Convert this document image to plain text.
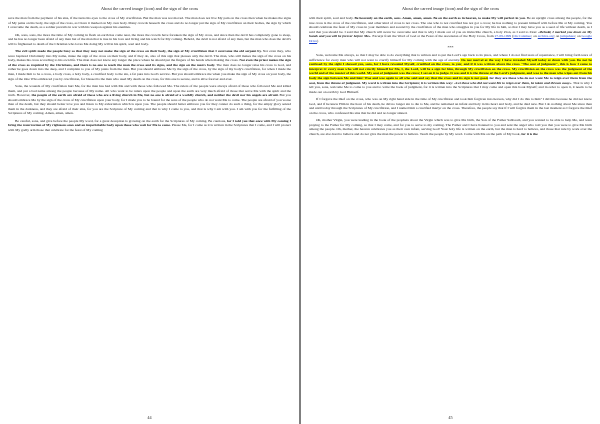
About the carved image (icon) and the sign of the cross

save the man from the payment of his sins, if the turns his eyes to the cross of My crucifixion. But the man was not moved. The man does not live My pain on the cross then when he makes the signs of My pains on his body, the sign of the cross, as I have it marked on My own body. Many crowds beseech the cross and do no longer put the sign of My crucifixion on their bodies, the sign by which I overcame the death, as a soldier prevails in war with his weapon against his enemies.

Oh, sons, sons, the more the time of My coming in flesh on earth has come near, the more the crowds have forsaken the sign of My cross, and since then the devil has completely gone to sleep, and he has no longer been afraid of any man but of the man that is true in his love and living and his watch for My coming. Behold, the devil is not afraid of any man, but the man who does the devil's will is frightened to death of the Christian who loves Me doing My will in his spirit, soul and body.

The evil spirit made the people busy so that they may not make the sign of the cross on their body, the sign of My crucifixion that I overcame the old serpent by. Not even they, who were baptized Christianly into My name, make the sign of the cross on their body, and if they do, also of this sign that pleases only the devil. The man, who still makes the sign of the cross on his body, makes his cross according to his own life. The man does not know any longer the place where he should put the fingers of his hands when making the cross. Not even the priest makes the sign of the cross as required by the Christians, and there is no one to teach the man the cross and its signs, and the sign on the man's body. The man does no longer raise his cross to God, and rather he goes down into the deep, and I complain to you of My pains from the man. But you should embrace Me by the sign of the cross, by the sign of my body's crucifixion, for when I made the man, I made him to be a cross, a body cross, a holy body, a crucified body to the sin, a fat pure into God's service. But you should embrace me when you make the sign of My cross on your body, the sign of the One Who embraced you by crucifixion, for blessed is the man who used My death on the cross, for this one is secure, and is alive forever and ever.

Sons, the wounds of My crucifixion hurt Me, for the man has had with Me and with those who followed Me. The rulers of the people were always afraid of those who followed Me and killed them, and put a bad name among the people because of My name. All who want to be rulers upon the people and upon the earth are very much afraid of those that serve Me with the spirit and the truth. However, the people of the earth are afraid of those who are a living church in Me, but no one is afraid of a worldly church, and neither the devil nor his angels are afraid. But you should embrace Me by the sign of the cross of My crucifixion upon your body, for I made you to be bound for the sons of the people who do not want Me to come. The people are afraid of you worse than of the death, but they should better love you and listen to My exhortation which is upon you. The people should better embrace you for they cannot do such a thing, for the empty glory seized them in the darkness, and they are afraid of their sins, for you are the Scripture of My coming and that is why I come to you, and that is why I am with you. I am with you for the fulfilling of the Scriptures of My coming. Amen, amen, amen.

Be careful, sons, and give before the people My word, for a great deception is growing on the earth for the Scriptures of My coming. Be cautious, for I told you that once with My coming I bring the resurrection of My righteous ones and an imperishable body upon those who wait for Me to come. Please Me, for I come as it is written in the Scriptures that I come, and I will protect with My godly arm those that celebrate for the feast of My coming

44
About the carved image (icon) and the sign of the cross

with their spirit, soul and body. Be heavenly on the earth, sons. Amen, amen, amen. Be on the earth as in heaven, to make My will perfect in you. Be an upright cross among the people, for the true cross is the cross of the crucifixion, and other kind of cross is not cross. The one who is not crucified has not got a cross; he has nothing to present himself with before Me at My coming. You should celebrate the feast of My cross in your members and ascend by the crucifixion of the man who struggles in you for My life in him, so that I may have you as a seed of life without death, as I said that you should be. I said that My church will never be overcome and that is why I made out of you an invincible church, a holy Zion, as I said to Zion: «Behold, I marked you down on My hands and you will be forever before Me». Excerpt from the Word of God at the Feast of the Ascension of the Holy Cross, from 27-09-1999 (On Calameo; on archive.org; on jumpshare; on Google Drive)

***

Sons, welcome Me always, so that I may be able to do everything that is written and to put the Lord's age back to its place, and where I do not find tears of repentance, I will bring forth tears of sufficience for every man who will not want to crucify himself for My coming with the age of eternity. Do not marvel at the way I have revealed Myself today at dawn with you. Do not be confused by the sight I showed you, sons, for I have revealed Myself, crucified on the cross, to you; and if it was written above the cross "The seat of judgment", this is how I come to interpret it: every man who will not crucify himself for Me, I, the Lord, will be a sign for him, through My crucifixion on the cross. My crucifixion on the cross was the judgment of the world and of the master of this world. My seat of judgment was the cross; I sat on it to judge. It was and it is the throne of the Lord's judgment, and woe to the man who wipes out from his body the sign between Me and him! Woe and woe again to all who said and say that the cross and its sign is not good, for they are those who do not want Me to reign over them from the seat, from the throne of judgment. My word is written into the Scripture; it is written this way: «Let those who did not want Me to reign over them, be taken and thrown away». That is why I tell you, sons, welcome Me to come to you and to write the book of judgment, for it is written into the Scriptures that I may come and open this book Myself; and in order to open it, it needs to be made out on earth by God Himself.

If I forgave the thief on the cross, who was on My right hand side in the time of My crucifixion and took him forgiven into heaven, why did I do this to him? I did this because he did not know God, and if he knew Him in the hour of his death, he did no longer sin to die to Me, and he remained an infant and holy in his heart and body, and he died new. But I do nothing about Me since then and until today through the Scriptures of My crucifixion, and I named him a crucified martyr on the cross. Therefore, the people say that if I will forgive them in the last moment as I forgave the thief on the cross, who confessed his sins that he did and no longer sinned.

Oh, mother Virgin, you were leading in the book of the prophets about the Virgin which was to give Me birth, the Son of the Father Sabbaoth, and you wanted to be able to help Me, and were praying to the Father for My coming, so that I may come, and for you to serve to my coming. The Father and I have listened to you and sent the angel who told you that you were to give Me birth among the people. Oh, mother, the heaven celebrates you as their own infant, serving God! Your holy life is written on the earth, but the man is hard to believe, and those that rule by work over the church, are also hard to believe and do not give the man the power to believe. Teach the people by My word. Come with Me on the path of My book, for it is the

45
